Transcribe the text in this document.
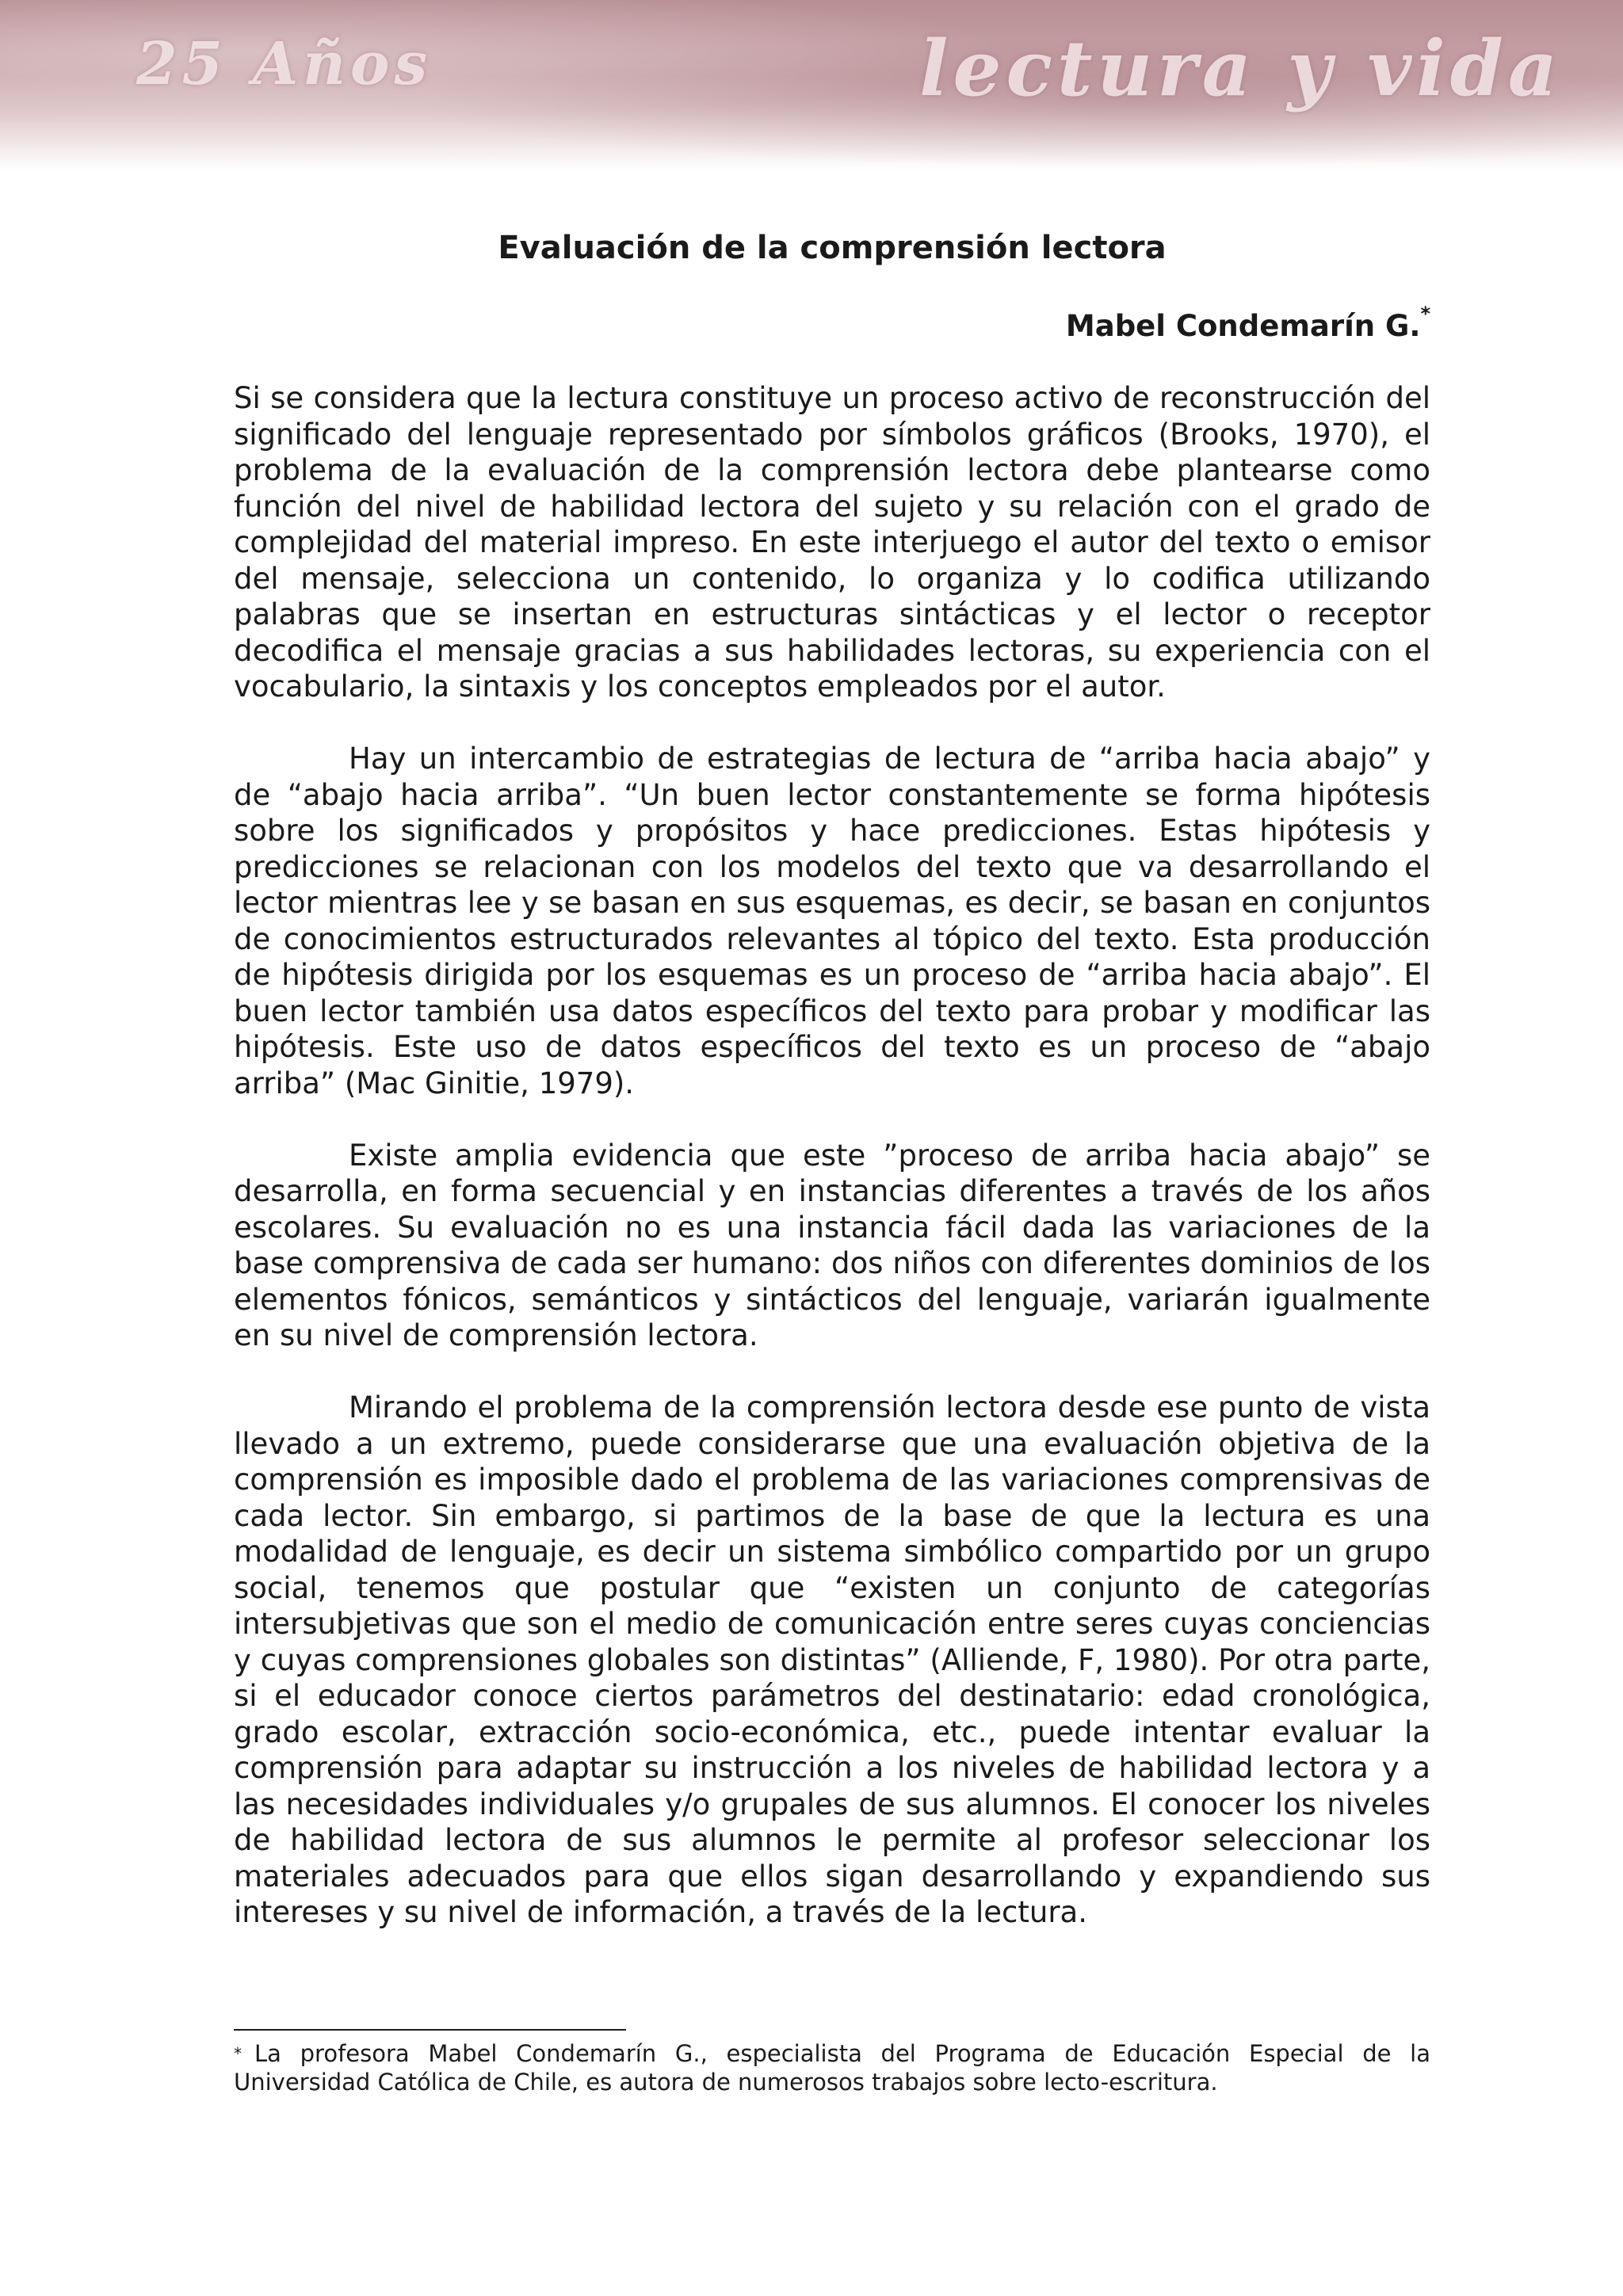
25 Años	lectura y vida
Evaluación de la comprensión lectora
Mabel Condemarín G.*

Si se considera que la lectura constituye un proceso activo de reconstrucción del significado del lenguaje representado por símbolos gráficos (Brooks, 1970), el problema de la evaluación de la comprensión lectora debe plantearse como función del nivel de habilidad lectora del sujeto y su relación con el grado de complejidad del material impreso. En este interjuego el autor del texto o emisor del mensaje, selecciona un contenido, lo organiza y lo codifica utilizando palabras que se insertan en estructuras sintácticas y el lector o receptor decodifica el mensaje gracias a sus habilidades lectoras, su experiencia con el vocabulario, la sintaxis y los conceptos empleados por el autor.

Hay un intercambio de estrategias de lectura de “arriba hacia abajo” y de “abajo hacia arriba”. “Un buen lector constantemente se forma hipótesis sobre los significados y propósitos y hace predicciones. Estas hipótesis y predicciones se relacionan con los modelos del texto que va desarrollando el lector mientras lee y se basan en sus esquemas, es decir, se basan en conjuntos de conocimientos estructurados relevantes al tópico del texto. Esta producción de hipótesis dirigida por los esquemas es un proceso de “arriba hacia abajo”. El buen lector también usa datos específicos del texto para probar y modificar las hipótesis. Este uso de datos específicos del texto es un proceso de “abajo arriba” (Mac Ginitie, 1979).

Existe amplia evidencia que este ”proceso de arriba hacia abajo” se desarrolla, en forma secuencial y en instancias diferentes a través de los años escolares. Su evaluación no es una instancia fácil dada las variaciones de la base comprensiva de cada ser humano: dos niños con diferentes dominios de los elementos fónicos, semánticos y sintácticos del lenguaje, variarán igualmente en su nivel de comprensión lectora.

Mirando el problema de la comprensión lectora desde ese punto de vista llevado a un extremo, puede considerarse que una evaluación objetiva de la comprensión es imposible dado el problema de las variaciones comprensivas de cada lector. Sin embargo, si partimos de la base de que la lectura es una modalidad de lenguaje, es decir un sistema simbólico compartido por un grupo social, tenemos que postular que “existen un conjunto de categorías intersubjetivas que son el medio de comunicación entre seres cuyas conciencias y cuyas comprensiones globales son distintas” (Alliende, F, 1980). Por otra parte, si el educador conoce ciertos parámetros del destinatario: edad cronológica, grado escolar, extracción socio-económica, etc., puede intentar evaluar la comprensión para adaptar su instrucción a los niveles de habilidad lectora y a las necesidades individuales y/o grupales de sus alumnos. El conocer los niveles de habilidad lectora de sus alumnos le permite al profesor seleccionar los materiales adecuados para que ellos sigan desarrollando y expandiendo sus intereses y su nivel de información, a través de la lectura.

* La profesora Mabel Condemarín G., especialista del Programa de Educación Especial de la Universidad Católica de Chile, es autora de numerosos trabajos sobre lecto-escritura.
